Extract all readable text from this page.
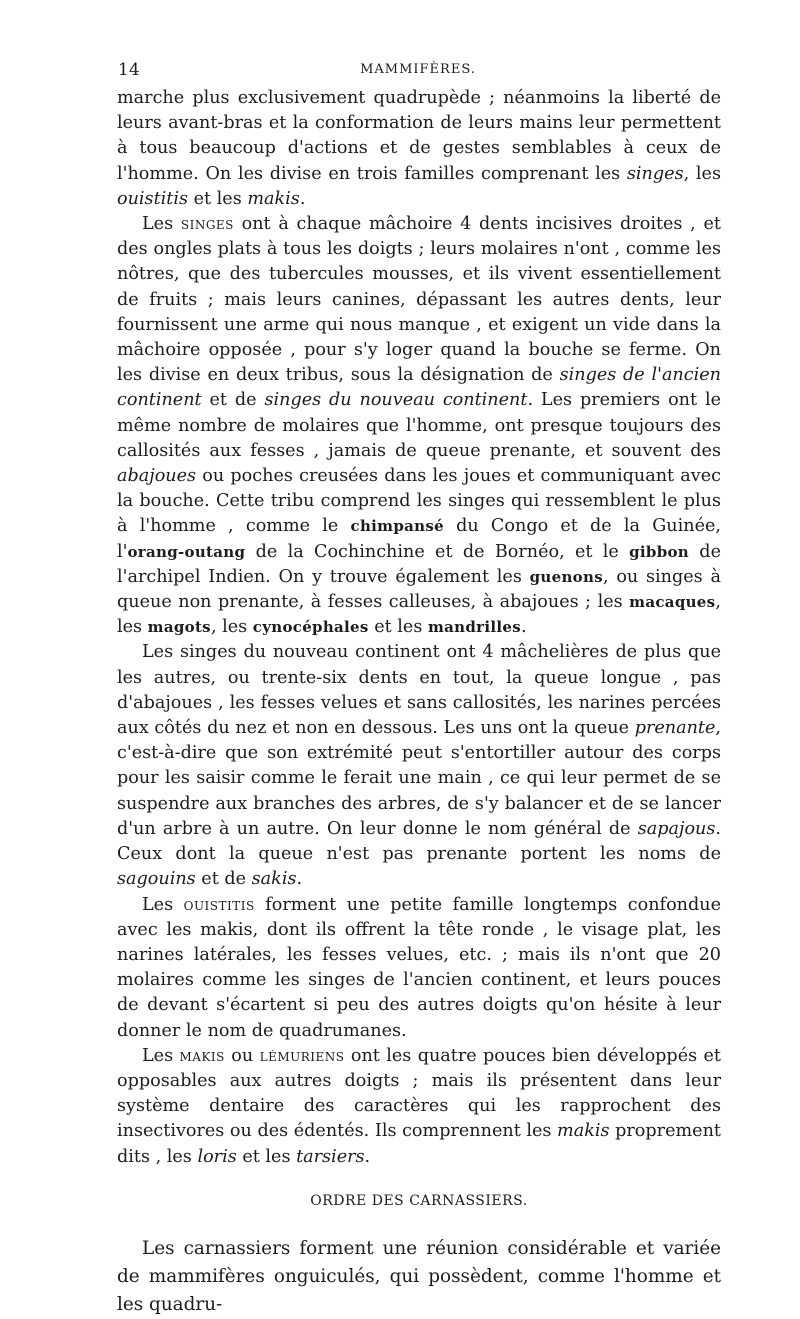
14	MAMMIFÈRES.

marche plus exclusivement quadrupède ; néanmoins la liberté de leurs avant-bras et la conformation de leurs mains leur permettent à tous beaucoup d'actions et de gestes semblables à ceux de l'homme. On les divise en trois familles comprenant les singes, les ouistitis et les makis.

Les singes ont à chaque mâchoire 4 dents incisives droites , et des ongles plats à tous les doigts ; leurs molaires n'ont , comme les nôtres, que des tubercules mousses, et ils vivent essentiellement de fruits ; mais leurs canines, dépassant les autres dents, leur fournissent une arme qui nous manque , et exigent un vide dans la mâchoire opposée , pour s'y loger quand la bouche se ferme. On les divise en deux tribus, sous la désignation de singes de l'ancien continent et de singes du nouveau continent. Les premiers ont le même nombre de molaires que l'homme, ont presque toujours des callosités aux fesses , jamais de queue prenante, et souvent des abajoues ou poches creusées dans les joues et communiquant avec la bouche. Cette tribu comprend les singes qui ressemblent le plus à l'homme , comme le chimpansé du Congo et de la Guinée, l'orang-outang de la Cochinchine et de Bornéo, et le gibbon de l'archipel Indien. On y trouve également les guenons, ou singes à queue non prenante, à fesses calleuses, à abajoues ; les macaques, les magots, les cynocéphales et les mandrilles.

Les singes du nouveau continent ont 4 mâchelières de plus que les autres, ou trente-six dents en tout, la queue longue , pas d'abajoues , les fesses velues et sans callosités, les narines percées aux côtés du nez et non en dessous. Les uns ont la queue prenante, c'est-à-dire que son extrémité peut s'entortiller autour des corps pour les saisir comme le ferait une main , ce qui leur permet de se suspendre aux branches des arbres, de s'y balancer et de se lancer d'un arbre à un autre. On leur donne le nom général de sapajous. Ceux dont la queue n'est pas prenante portent les noms de sagouins et de sakis.

Les ouistitis forment une petite famille longtemps confondue avec les makis, dont ils offrent la tête ronde , le visage plat, les narines latérales, les fesses velues, etc. ; mais ils n'ont que 20 molaires comme les singes de l'ancien continent, et leurs pouces de devant s'écartent si peu des autres doigts qu'on hésite à leur donner le nom de quadrumanes.

Les makis ou lémuriens ont les quatre pouces bien développés et opposables aux autres doigts ; mais ils présentent dans leur système dentaire des caractères qui les rapprochent des insectivores ou des édentés. Ils comprennent les makis proprement dits , les loris et les tarsiers.

ORDRE DES CARNASSIERS.

Les carnassiers forment une réunion considérable et variée de mammifères onguiculés, qui possèdent, comme l'homme et les quadru-
